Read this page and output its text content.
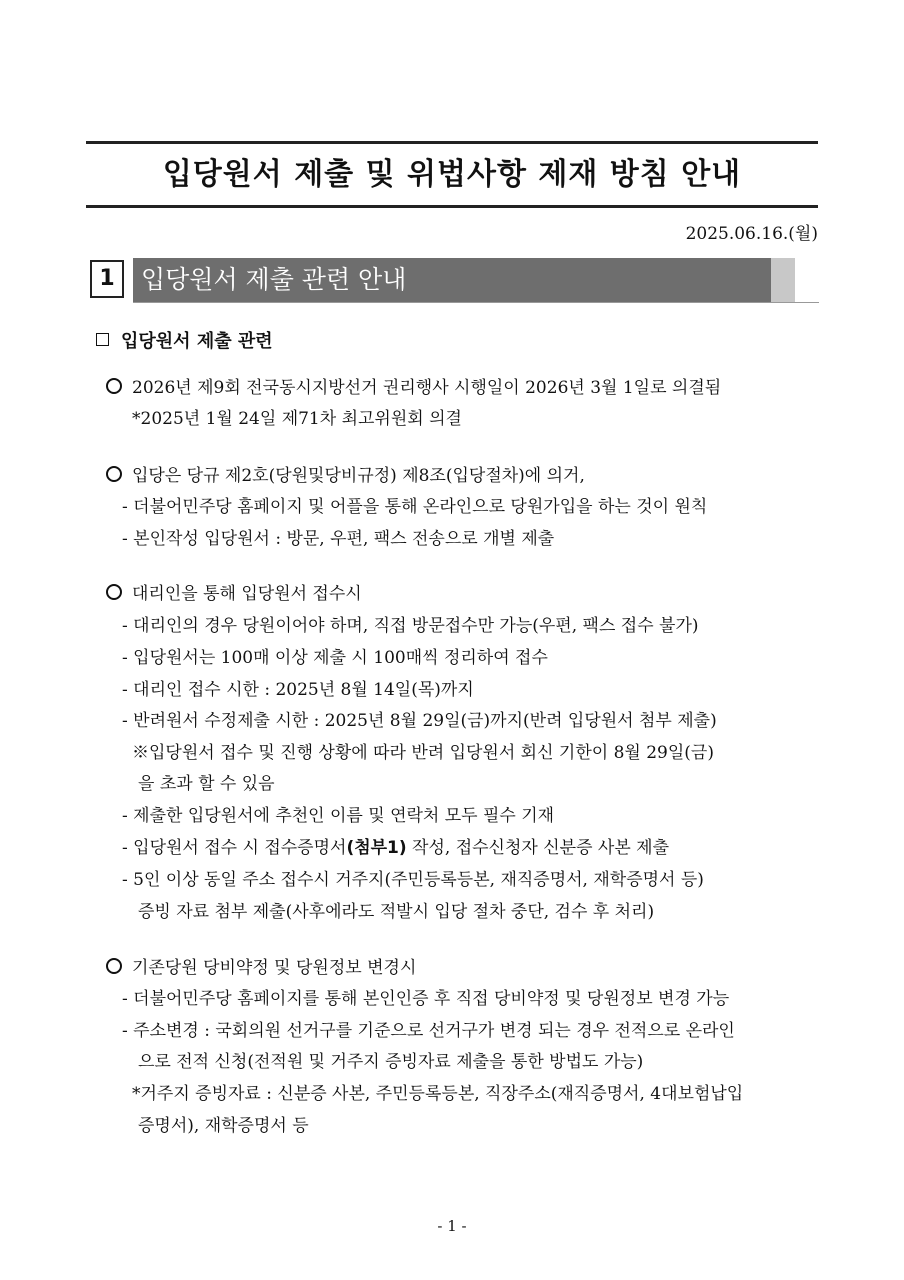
입당원서 제출 및 위법사항 제재 방침 안내
2025.06.16.(월)
1	입당원서 제출 관련 안내
입당원서 제출 관련
2026년 제9회 전국동시지방선거 권리행사 시행일이 2026년 3월 1일로 의결됨
*2025년 1월 24일 제71차 최고위원회 의결
입당은 당규 제2호(당원및당비규정) 제8조(입당절차)에 의거,
- 더불어민주당 홈페이지 및 어플을 통해 온라인으로 당원가입을 하는 것이 원칙
- 본인작성 입당원서 : 방문, 우편, 팩스 전송으로 개별 제출
대리인을 통해 입당원서 접수시
- 대리인의 경우 당원이어야 하며, 직접 방문접수만 가능(우편, 팩스 접수 불가)
- 입당원서는 100매 이상 제출 시 100매씩 정리하여 접수
- 대리인 접수 시한 : 2025년 8월 14일(목)까지
- 반려원서 수정제출 시한 : 2025년 8월 29일(금)까지(반려 입당원서 첨부 제출)
※입당원서 접수 및 진행 상황에 따라 반려 입당원서 회신 기한이 8월 29일(금)
을 초과 할 수 있음
- 제출한 입당원서에 추천인 이름 및 연락처 모두 필수 기재
- 입당원서 접수 시 접수증명서(첨부1) 작성, 접수신청자 신분증 사본 제출
- 5인 이상 동일 주소 접수시 거주지(주민등록등본, 재직증명서, 재학증명서 등)
증빙 자료 첨부 제출(사후에라도 적발시 입당 절차 중단, 검수 후 처리)
기존당원 당비약정 및 당원정보 변경시
- 더불어민주당 홈페이지를 통해 본인인증 후 직접 당비약정 및 당원정보 변경 가능
- 주소변경 : 국회의원 선거구를 기준으로 선거구가 변경 되는 경우 전적으로 온라인
으로 전적 신청(전적원 및 거주지 증빙자료 제출을 통한 방법도 가능)
*거주지 증빙자료 : 신분증 사본, 주민등록등본, 직장주소(재직증명서, 4대보험납입
증명서), 재학증명서 등
- 1 -
